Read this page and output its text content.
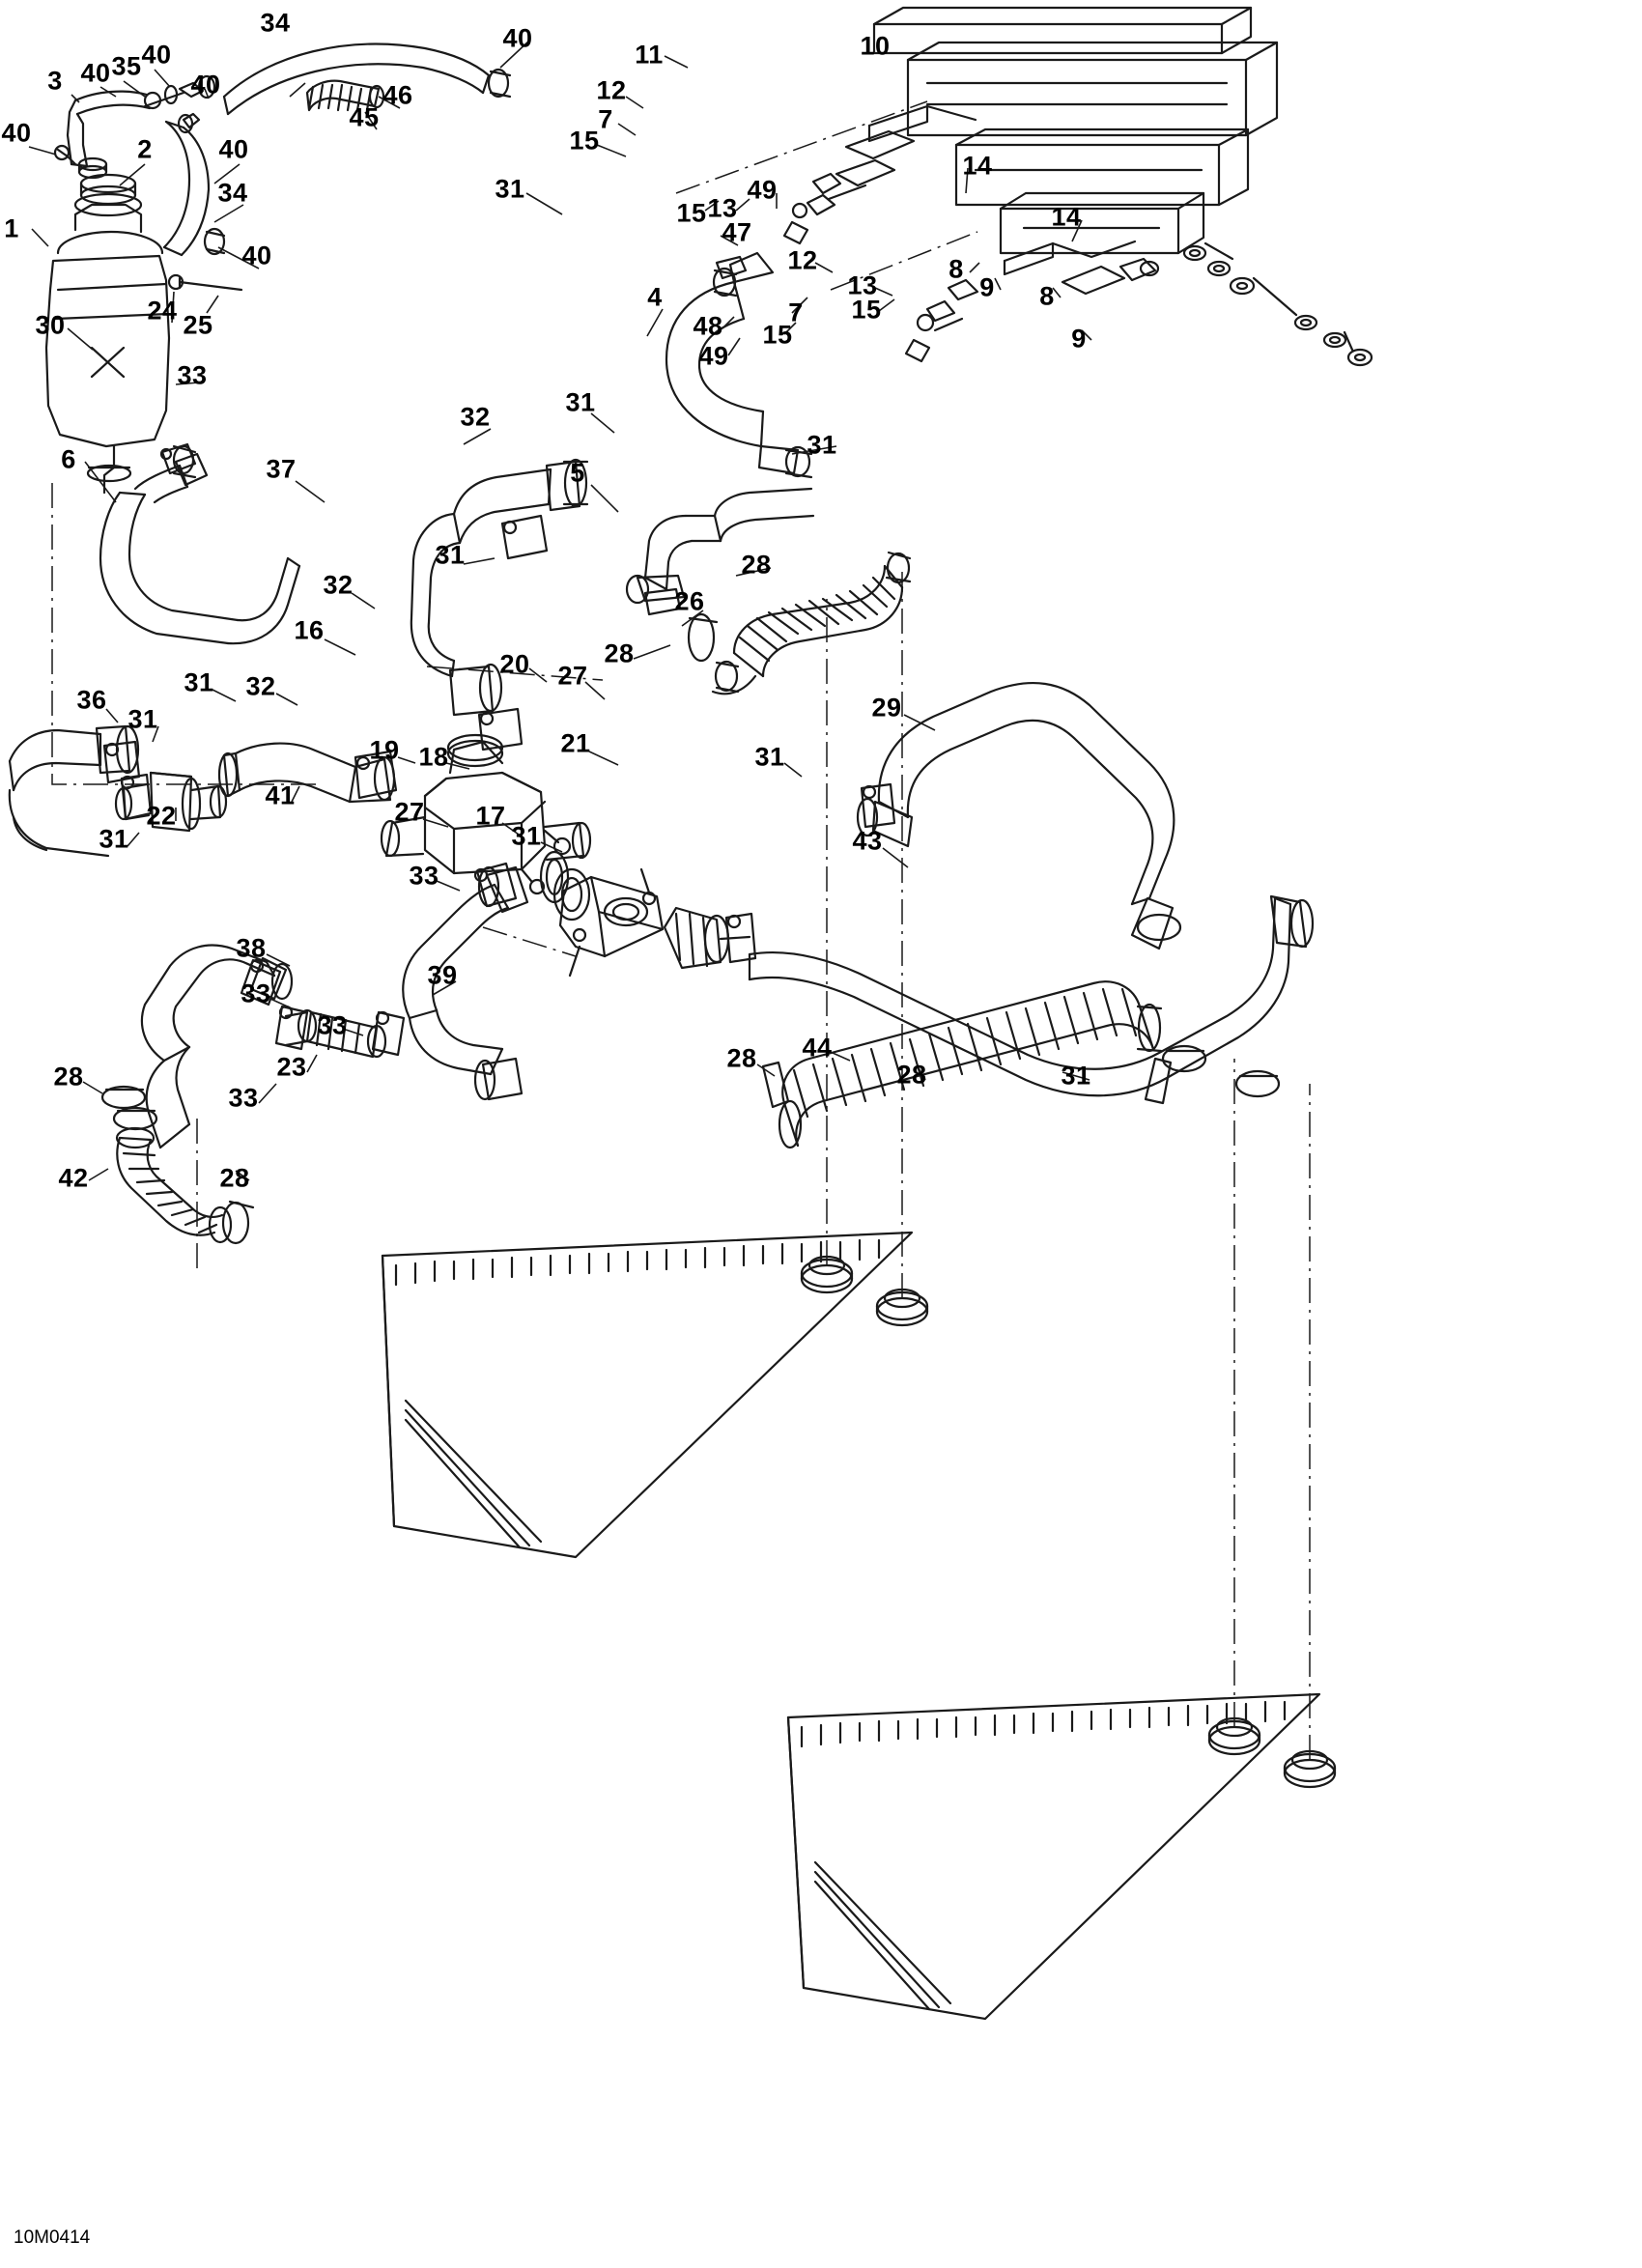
10M0414
34
40	10
11
40
35
40
3	40	12
7
46
45
15
40
2
14
40
34
15 13
49
31
14
47
1
40	12	8
9
13	8
4
30	24 25	48 15
7 15
9
49
33
31
31
32
6	37	5
28
31
32
26
28
16
20 27
32
31
36	29
31
19 18	21	31
41
27 17
31
22
31	43
33
39
28
38
33
44
33
23	31
28
33
28
42	28
